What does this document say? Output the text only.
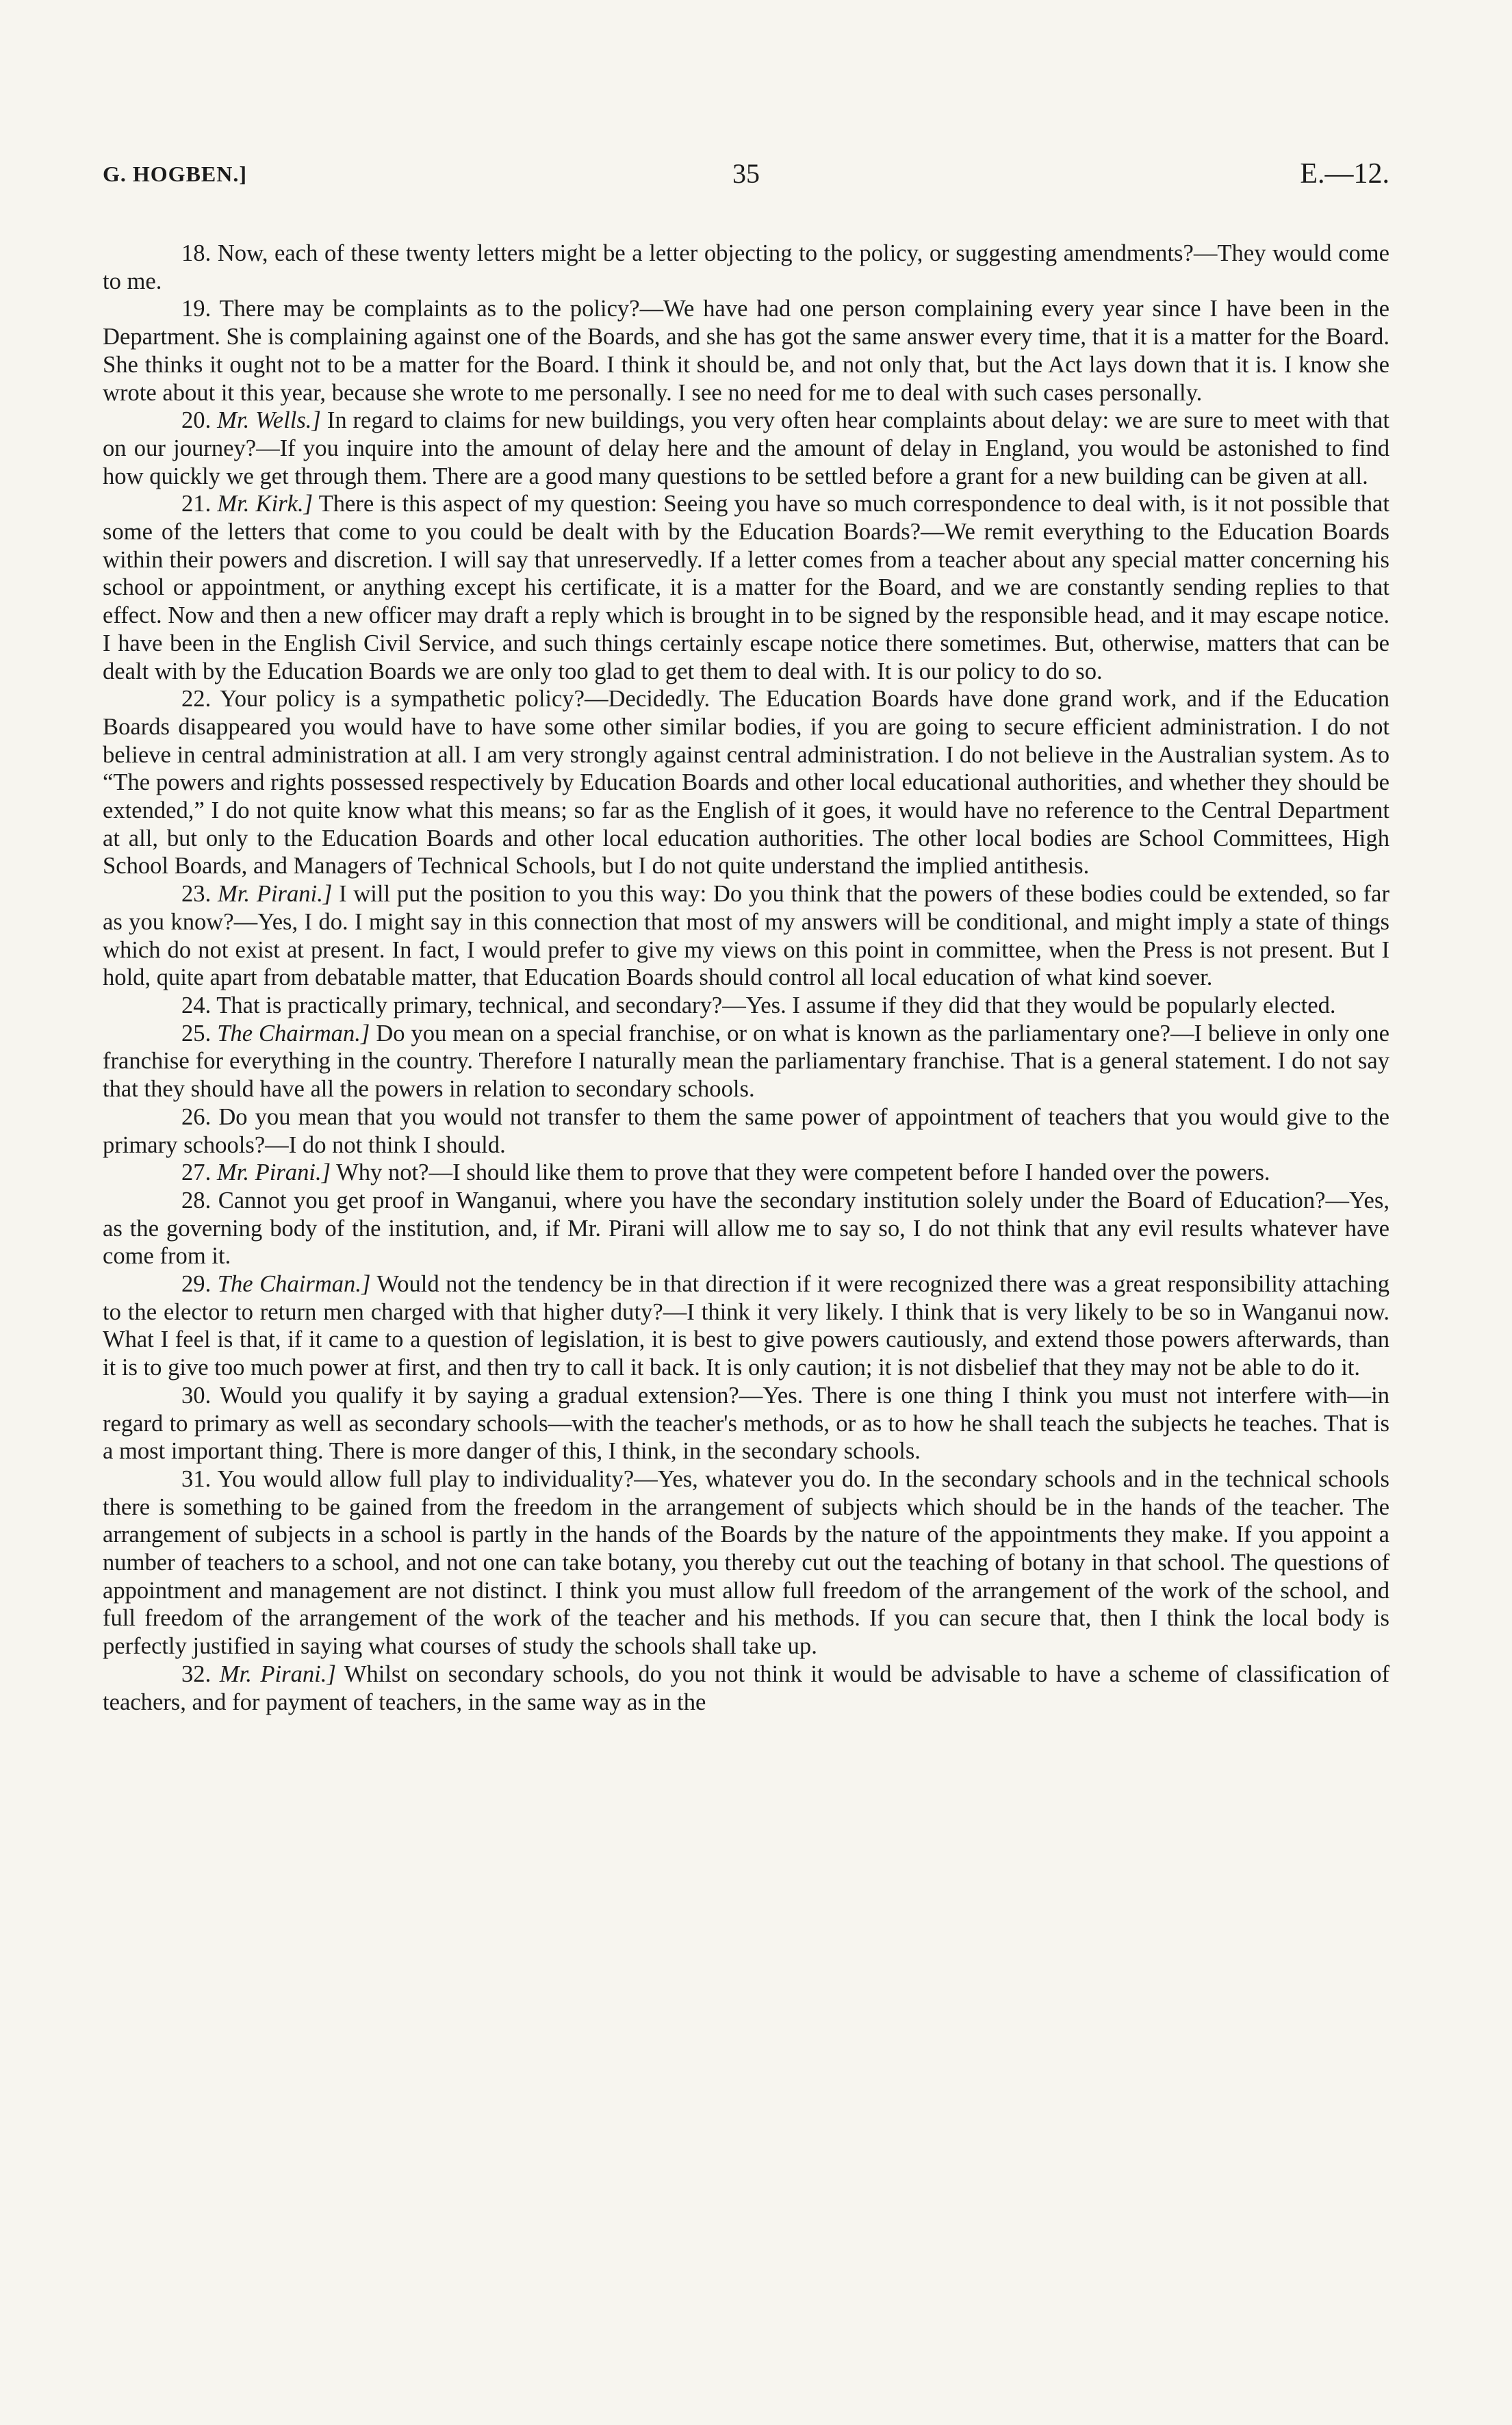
G. HOGBEN.]	35	E.—12.

18. Now, each of these twenty letters might be a letter objecting to the policy, or suggesting amendments?—They would come to me.

19. There may be complaints as to the policy?—We have had one person complaining every year since I have been in the Department. She is complaining against one of the Boards, and she has got the same answer every time, that it is a matter for the Board. She thinks it ought not to be a matter for the Board. I think it should be, and not only that, but the Act lays down that it is. I know she wrote about it this year, because she wrote to me personally. I see no need for me to deal with such cases personally.

20. Mr. Wells.] In regard to claims for new buildings, you very often hear complaints about delay: we are sure to meet with that on our journey?—If you inquire into the amount of delay here and the amount of delay in England, you would be astonished to find how quickly we get through them. There are a good many questions to be settled before a grant for a new building can be given at all.

21. Mr. Kirk.] There is this aspect of my question: Seeing you have so much correspondence to deal with, is it not possible that some of the letters that come to you could be dealt with by the Education Boards?—We remit everything to the Education Boards within their powers and discretion. I will say that unreservedly. If a letter comes from a teacher about any special matter concerning his school or appointment, or anything except his certificate, it is a matter for the Board, and we are constantly sending replies to that effect. Now and then a new officer may draft a reply which is brought in to be signed by the responsible head, and it may escape notice. I have been in the English Civil Service, and such things certainly escape notice there sometimes. But, otherwise, matters that can be dealt with by the Education Boards we are only too glad to get them to deal with. It is our policy to do so.

22. Your policy is a sympathetic policy?—Decidedly. The Education Boards have done grand work, and if the Education Boards disappeared you would have to have some other similar bodies, if you are going to secure efficient administration. I do not believe in central administration at all. I am very strongly against central administration. I do not believe in the Australian system. As to “The powers and rights possessed respectively by Education Boards and other local educational authorities, and whether they should be extended,” I do not quite know what this means; so far as the English of it goes, it would have no reference to the Central Department at all, but only to the Education Boards and other local education authorities. The other local bodies are School Committees, High School Boards, and Managers of Technical Schools, but I do not quite understand the implied antithesis.

23. Mr. Pirani.] I will put the position to you this way: Do you think that the powers of these bodies could be extended, so far as you know?—Yes, I do. I might say in this connection that most of my answers will be conditional, and might imply a state of things which do not exist at present. In fact, I would prefer to give my views on this point in committee, when the Press is not present. But I hold, quite apart from debatable matter, that Education Boards should control all local education of what kind soever.

24. That is practically primary, technical, and secondary?—Yes. I assume if they did that they would be popularly elected.

25. The Chairman.] Do you mean on a special franchise, or on what is known as the parliamentary one?—I believe in only one franchise for everything in the country. Therefore I naturally mean the parliamentary franchise. That is a general statement. I do not say that they should have all the powers in relation to secondary schools.

26. Do you mean that you would not transfer to them the same power of appointment of teachers that you would give to the primary schools?—I do not think I should.

27. Mr. Pirani.] Why not?—I should like them to prove that they were competent before I handed over the powers.

28. Cannot you get proof in Wanganui, where you have the secondary institution solely under the Board of Education?—Yes, as the governing body of the institution, and, if Mr. Pirani will allow me to say so, I do not think that any evil results whatever have come from it.

29. The Chairman.] Would not the tendency be in that direction if it were recognized there was a great responsibility attaching to the elector to return men charged with that higher duty?—I think it very likely. I think that is very likely to be so in Wanganui now. What I feel is that, if it came to a question of legislation, it is best to give powers cautiously, and extend those powers afterwards, than it is to give too much power at first, and then try to call it back. It is only caution; it is not disbelief that they may not be able to do it.

30. Would you qualify it by saying a gradual extension?—Yes. There is one thing I think you must not interfere with—in regard to primary as well as secondary schools—with the teacher's methods, or as to how he shall teach the subjects he teaches. That is a most important thing. There is more danger of this, I think, in the secondary schools.

31. You would allow full play to individuality?—Yes, whatever you do. In the secondary schools and in the technical schools there is something to be gained from the freedom in the arrangement of subjects which should be in the hands of the teacher. The arrangement of subjects in a school is partly in the hands of the Boards by the nature of the appointments they make. If you appoint a number of teachers to a school, and not one can take botany, you thereby cut out the teaching of botany in that school. The questions of appointment and management are not distinct. I think you must allow full freedom of the arrangement of the work of the school, and full freedom of the arrangement of the work of the teacher and his methods. If you can secure that, then I think the local body is perfectly justified in saying what courses of study the schools shall take up.

32. Mr. Pirani.] Whilst on secondary schools, do you not think it would be advisable to have a scheme of classification of teachers, and for payment of teachers, in the same way as in the
